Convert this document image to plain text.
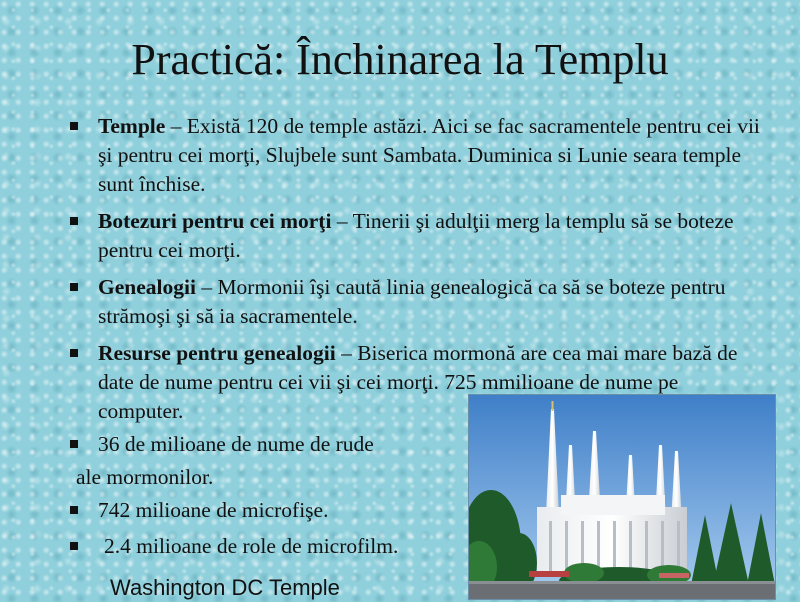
Practică: Închinarea la Templu
Temple – Există 120 de temple astăzi. Aici se fac sacramentele pentru cei vii şi pentru cei morţi, Slujbele sunt Sambata. Duminica si Lunie seara temple sunt închise.
Botezuri pentru cei morţi – Tinerii şi adulţii merg la templu să se boteze pentru cei morţi.
Genealogii – Mormonii îşi caută linia genealogică ca să se boteze pentru strămoşi şi să ia sacramentele.
Resurse pentru genealogii – Biserica mormonă are cea mai mare bază de date de nume pentru cei vii şi cei morţi. 725 mmilioane de nume pe computer.
36 de milioane de nume de rude
ale mormonilor.
742 milioane de microfişe.
2.4 milioane de role de microfilm.
Washington DC Temple
